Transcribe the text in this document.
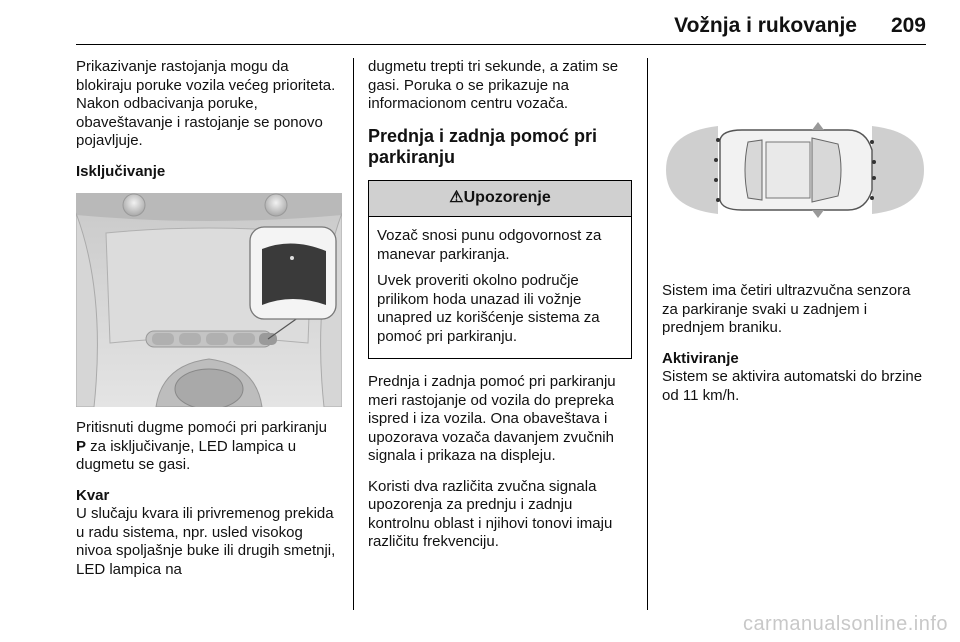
Vožnja i rukovanje 209

Prikazivanje rastojanja mogu da blokiraju poruke vozila većeg prioriteta. Nakon odbacivanja poruke, obaveštavanje i rastojanje se ponovo pojavljuje.

Isključivanje

Pritisnuti dugme pomoći pri parkiranju
P za isključivanje, LED lampica u dugmetu se gasi.

Kvar

U slučaju kvara ili privremenog prekida u radu sistema, npr. usled visokog nivoa spoljašnje buke ili drugih smetnji, LED lampica na

dugmetu trepti tri sekunde, a zatim se gasi. Poruka o se prikazuje na informacionom centru vozača.

Prednja i zadnja pomoć pri parkiranju
⚠Upozorenje

Vozač snosi punu odgovornost za manevar parkiranja.

Uvek proveriti okolno područje prilikom hoda unazad ili vožnje unapred uz korišćenje sistema za pomoć pri parkiranju.

Prednja i zadnja pomoć pri parkiranju meri rastojanje od vozila do prepreka ispred i iza vozila. Ona obaveštava i upozorava vozača davanjem zvučnih signala i prikaza na displeju.

Koristi dva različita zvučna signala upozorenja za prednju i zadnju kontrolnu oblast i njihovi tonovi imaju različitu frekvenciju.

Sistem ima četiri ultrazvučna senzora za parkiranje svaki u zadnjem i prednjem braniku.

Aktiviranje

Sistem se aktivira automatski do brzine od 11 km/h.

carmanualsonline.info
